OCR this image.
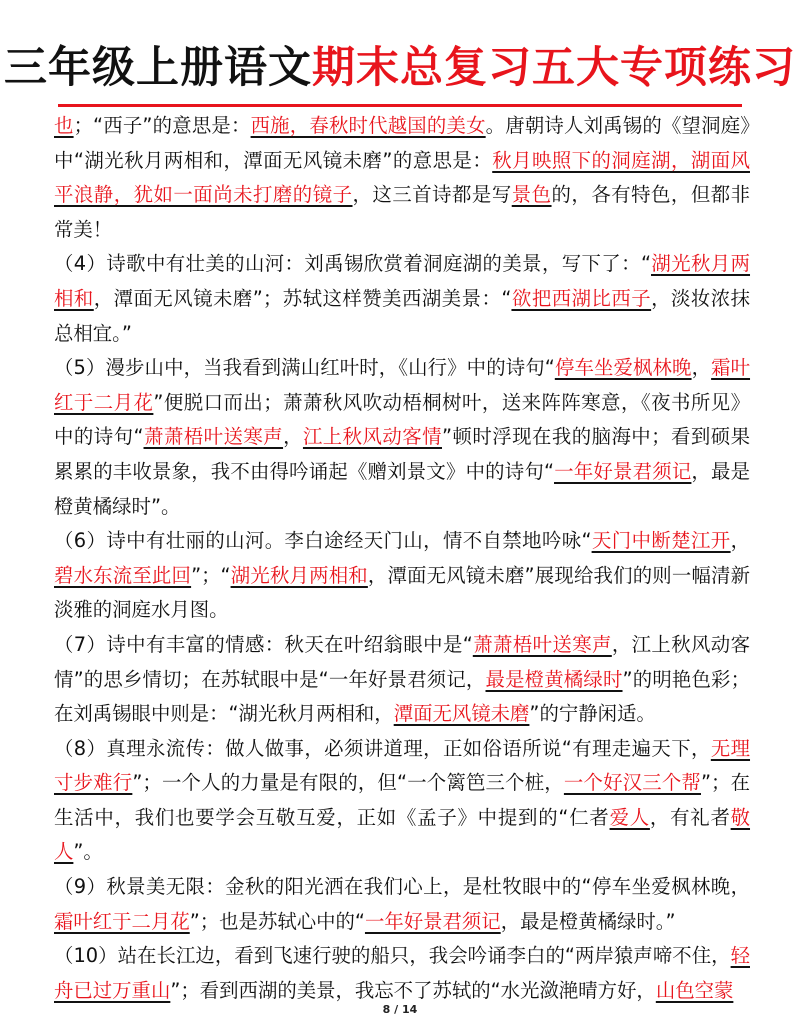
三年级上册语文期末总复习五大专项练习

也；“西子”的意思是：西施，春秋时代越国的美女。唐朝诗人刘禹锡的《望洞庭》中“湖光秋月两相和，潭面无风镜未磨”的意思是：秋月映照下的洞庭湖，湖面风平浪静，犹如一面尚未打磨的镜子，这三首诗都是写景色的，各有特色，但都非常美！

（4）诗歌中有壮美的山河：刘禹锡欣赏着洞庭湖的美景，写下了：“湖光秋月两相和，潭面无风镜未磨”；苏轼这样赞美西湖美景：“欲把西湖比西子，淡妆浓抹总相宜。”

（5）漫步山中，当我看到满山红叶时，《山行》中的诗句“停车坐爱枫林晚，霜叶红于二月花”便脱口而出；萧萧秋风吹动梧桐树叶，送来阵阵寒意，《夜书所见》中的诗句“萧萧梧叶送寒声，江上秋风动客情”顿时浮现在我的脑海中；看到硕果累累的丰收景象，我不由得吟诵起《赠刘景文》中的诗句“一年好景君须记，最是橙黄橘绿时”。

（6）诗中有壮丽的山河。李白途经天门山，情不自禁地吟咏“天门中断楚江开，碧水东流至此回”；“湖光秋月两相和，潭面无风镜未磨”展现给我们的则一幅清新淡雅的洞庭水月图。

（7）诗中有丰富的情感：秋天在叶绍翁眼中是“萧萧梧叶送寒声，江上秋风动客情”的思乡情切；在苏轼眼中是“一年好景君须记，最是橙黄橘绿时”的明艳色彩；在刘禹锡眼中则是：“湖光秋月两相和，潭面无风镜未磨”的宁静闲适。

（8）真理永流传：做人做事，必须讲道理，正如俗语所说“有理走遍天下，无理寸步难行”；一个人的力量是有限的，但“一个篱笆三个桩，一个好汉三个帮”；在生活中，我们也要学会互敬互爱，正如《孟子》中提到的“仁者爱人，有礼者敬人”。

（9）秋景美无限：金秋的阳光洒在我们心上，是杜牧眼中的“停车坐爱枫林晚，霜叶红于二月花”；也是苏轼心中的“一年好景君须记，最是橙黄橘绿时。”

（10）站在长江边，看到飞速行驶的船只，我会吟诵李白的“两岸猿声啼不住，轻舟已过万重山”；看到西湖的美景，我忘不了苏轼的“水光潋滟晴方好，山色空蒙

8 / 14
